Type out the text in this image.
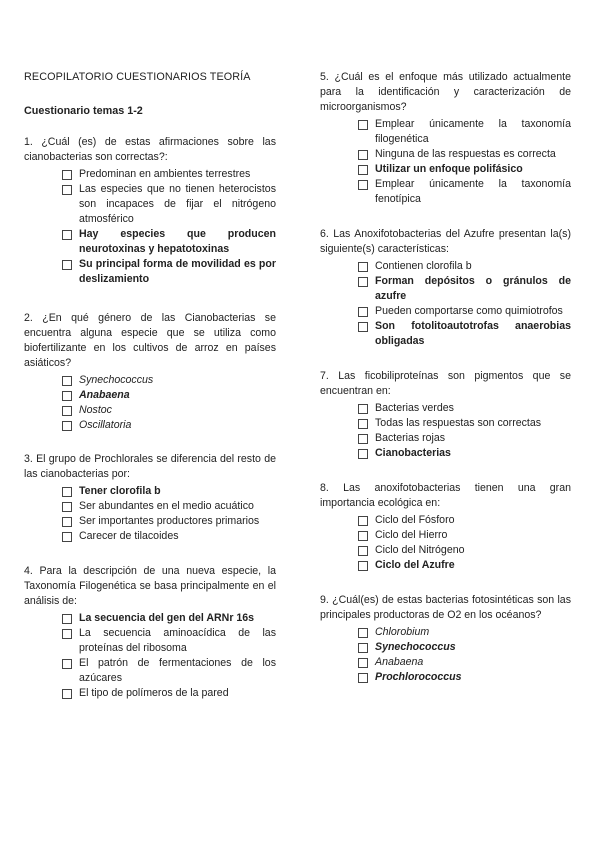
RECOPILATORIO CUESTIONARIOS TEORÍA

Cuestionario temas 1-2

1. ¿Cuál (es) de estas afirmaciones sobre las cianobacterias son correctas?:

Predominan en ambientes terrestres
Las especies que no tienen heterocistos son incapaces de fijar el nitrógeno atmosférico
Hay especies que producen neurotoxinas y hepatotoxinas
Su principal forma de movilidad es por deslizamiento

2. ¿En qué género de las Cianobacterias se encuentra alguna especie que se utiliza como biofertilizante en los cultivos de arroz en países asiáticos?

Synechococcus
Anabaena
Nostoc
Oscillatoria

3. El grupo de Prochlorales se diferencia del resto de las cianobacterias por:

Tener clorofila b
Ser abundantes en el medio acuático
Ser importantes productores primarios
Carecer de tilacoides

4. Para la descripción de una nueva especie, la Taxonomía Filogenética se basa principalmente en el análisis de:

La secuencia del gen del ARNr 16s
La secuencia aminoacídica de las proteínas del ribosoma
El patrón de fermentaciones de los azúcares
El tipo de polímeros de la pared

5. ¿Cuál es el enfoque más utilizado actualmente para la identificación y caracterización de microorganismos?

Emplear únicamente la taxonomía filogenética
Ninguna de las respuestas es correcta
Utilizar un enfoque polifásico
Emplear únicamente la taxonomía fenotípica

6. Las Anoxifotobacterias del Azufre presentan la(s) siguiente(s) características:

Contienen clorofila b
Forman depósitos o gránulos de azufre
Pueden comportarse como quimiotrofos
Son fotolitoautotrofas anaerobias obligadas

7. Las ficobiliproteínas son pigmentos que se encuentran en:

Bacterias verdes
Todas las respuestas son correctas
Bacterias rojas
Cianobacterias

8. Las anoxifotobacterias tienen una gran importancia ecológica en:

Ciclo del Fósforo
Ciclo del Hierro
Ciclo del Nitrógeno
Ciclo del Azufre

9. ¿Cuál(es) de estas bacterias fotosintéticas son las principales productoras de O2 en los océanos?

Chlorobium
Synechococcus
Anabaena
Prochlorococcus
